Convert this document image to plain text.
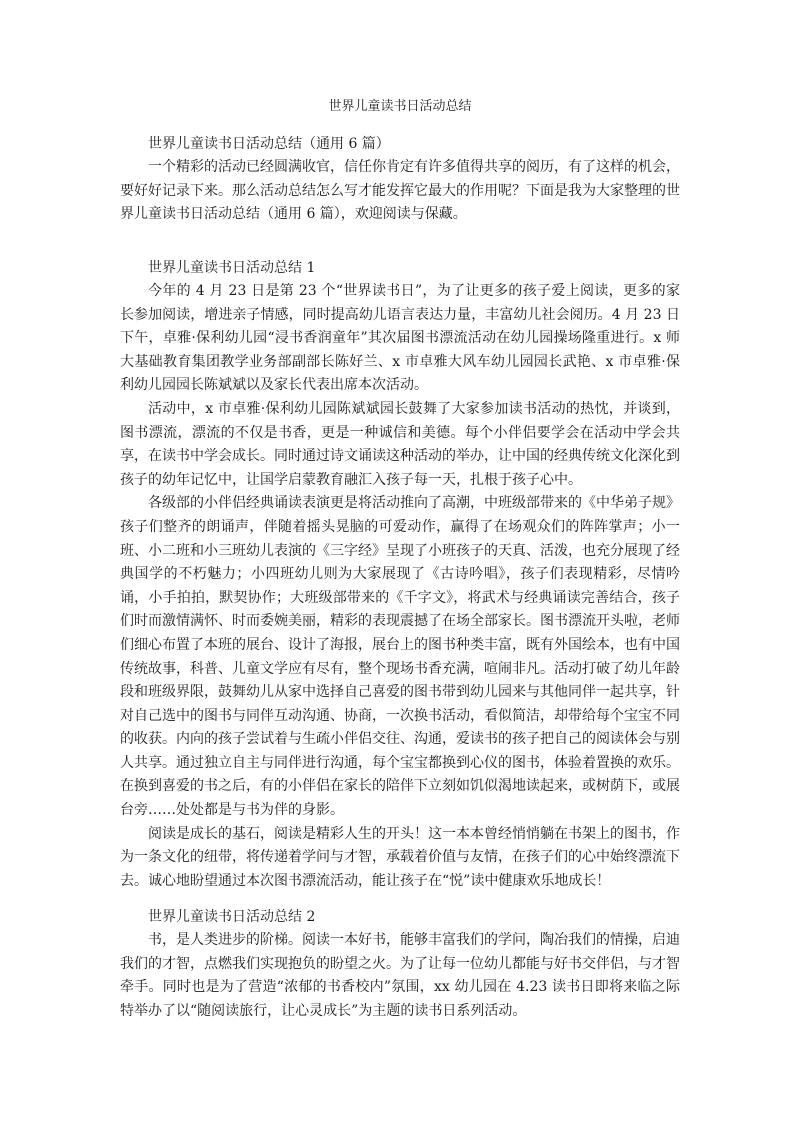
世界儿童读书日活动总结

世界儿童读书日活动总结（通用 6 篇）

一个精彩的活动已经圆满收官，信任你肯定有许多值得共享的阅历，有了这样的机会，要好好记录下来。那么活动总结怎么写才能发挥它最大的作用呢？下面是我为大家整理的世界儿童读书日活动总结（通用 6 篇），欢迎阅读与保藏。

世界儿童读书日活动总结 1

今年的 4 月 23 日是第 23 个“世界读书日”，为了让更多的孩子爱上阅读，更多的家长参加阅读，增进亲子情感，同时提高幼儿语言表达力量，丰富幼儿社会阅历。4 月 23 日下午，卓雅·保利幼儿园“浸书香润童年”其次届图书漂流活动在幼儿园操场隆重进行。x 师大基础教育集团教学业务部副部长陈好兰、x 市卓雅大风车幼儿园园长武艳、x 市卓雅·保利幼儿园园长陈斌斌以及家长代表出席本次活动。

活动中，x 市卓雅·保利幼儿园陈斌斌园长鼓舞了大家参加读书活动的热忱，并谈到，图书漂流，漂流的不仅是书香，更是一种诚信和美德。每个小伴侣要学会在活动中学会共享，在读书中学会成长。同时通过诗文诵读这种活动的举办，让中国的经典传统文化深化到孩子的幼年记忆中，让国学启蒙教育融汇入孩子每一天，扎根于孩子心中。

各级部的小伴侣经典诵读表演更是将活动推向了高潮，中班级部带来的《中华弟子规》孩子们整齐的朗诵声，伴随着摇头晃脑的可爱动作，赢得了在场观众们的阵阵掌声；小一班、小二班和小三班幼儿表演的《三字经》呈现了小班孩子的天真、活泼，也充分展现了经典国学的不朽魅力；小四班幼儿则为大家展现了《古诗吟唱》，孩子们表现精彩，尽情吟诵，小手拍拍，默契协作；大班级部带来的《千字文》，将武术与经典诵读完善结合，孩子们时而激情满怀、时而委婉美丽，精彩的表现震撼了在场全部家长。图书漂流开头啦，老师们细心布置了本班的展台、设计了海报，展台上的图书种类丰富，既有外国绘本，也有中国传统故事，科普、儿童文学应有尽有，整个现场书香充满，喧闹非凡。活动打破了幼儿年龄段和班级界限，鼓舞幼儿从家中选择自己喜爱的图书带到幼儿园来与其他同伴一起共享，针对自己选中的图书与同伴互动沟通、协商，一次换书活动，看似简洁，却带给每个宝宝不同的收获。内向的孩子尝试着与生疏小伴侣交往、沟通，爱读书的孩子把自己的阅读体会与别人共享。通过独立自主与同伴进行沟通，每个宝宝都换到心仪的图书，体验着置换的欢乐。在换到喜爱的书之后，有的小伴侣在家长的陪伴下立刻如饥似渴地读起来，或树荫下，或展台旁……处处都是与书为伴的身影。

阅读是成长的基石，阅读是精彩人生的开头！这一本本曾经悄悄躺在书架上的图书，作为一条文化的纽带，将传递着学问与才智，承载着价值与友情，在孩子们的心中始终漂流下去。诚心地盼望通过本次图书漂流活动，能让孩子在“悦”读中健康欢乐地成长！

世界儿童读书日活动总结 2

书，是人类进步的阶梯。阅读一本好书，能够丰富我们的学问，陶冶我们的情操，启迪我们的才智，点燃我们实现抱负的盼望之火。为了让每一位幼儿都能与好书交伴侣，与才智牵手。同时也是为了营造“浓郁的书香校内”氛围，xx 幼儿园在 4.23 读书日即将来临之际特举办了以“随阅读旅行，让心灵成长”为主题的读书日系列活动。
